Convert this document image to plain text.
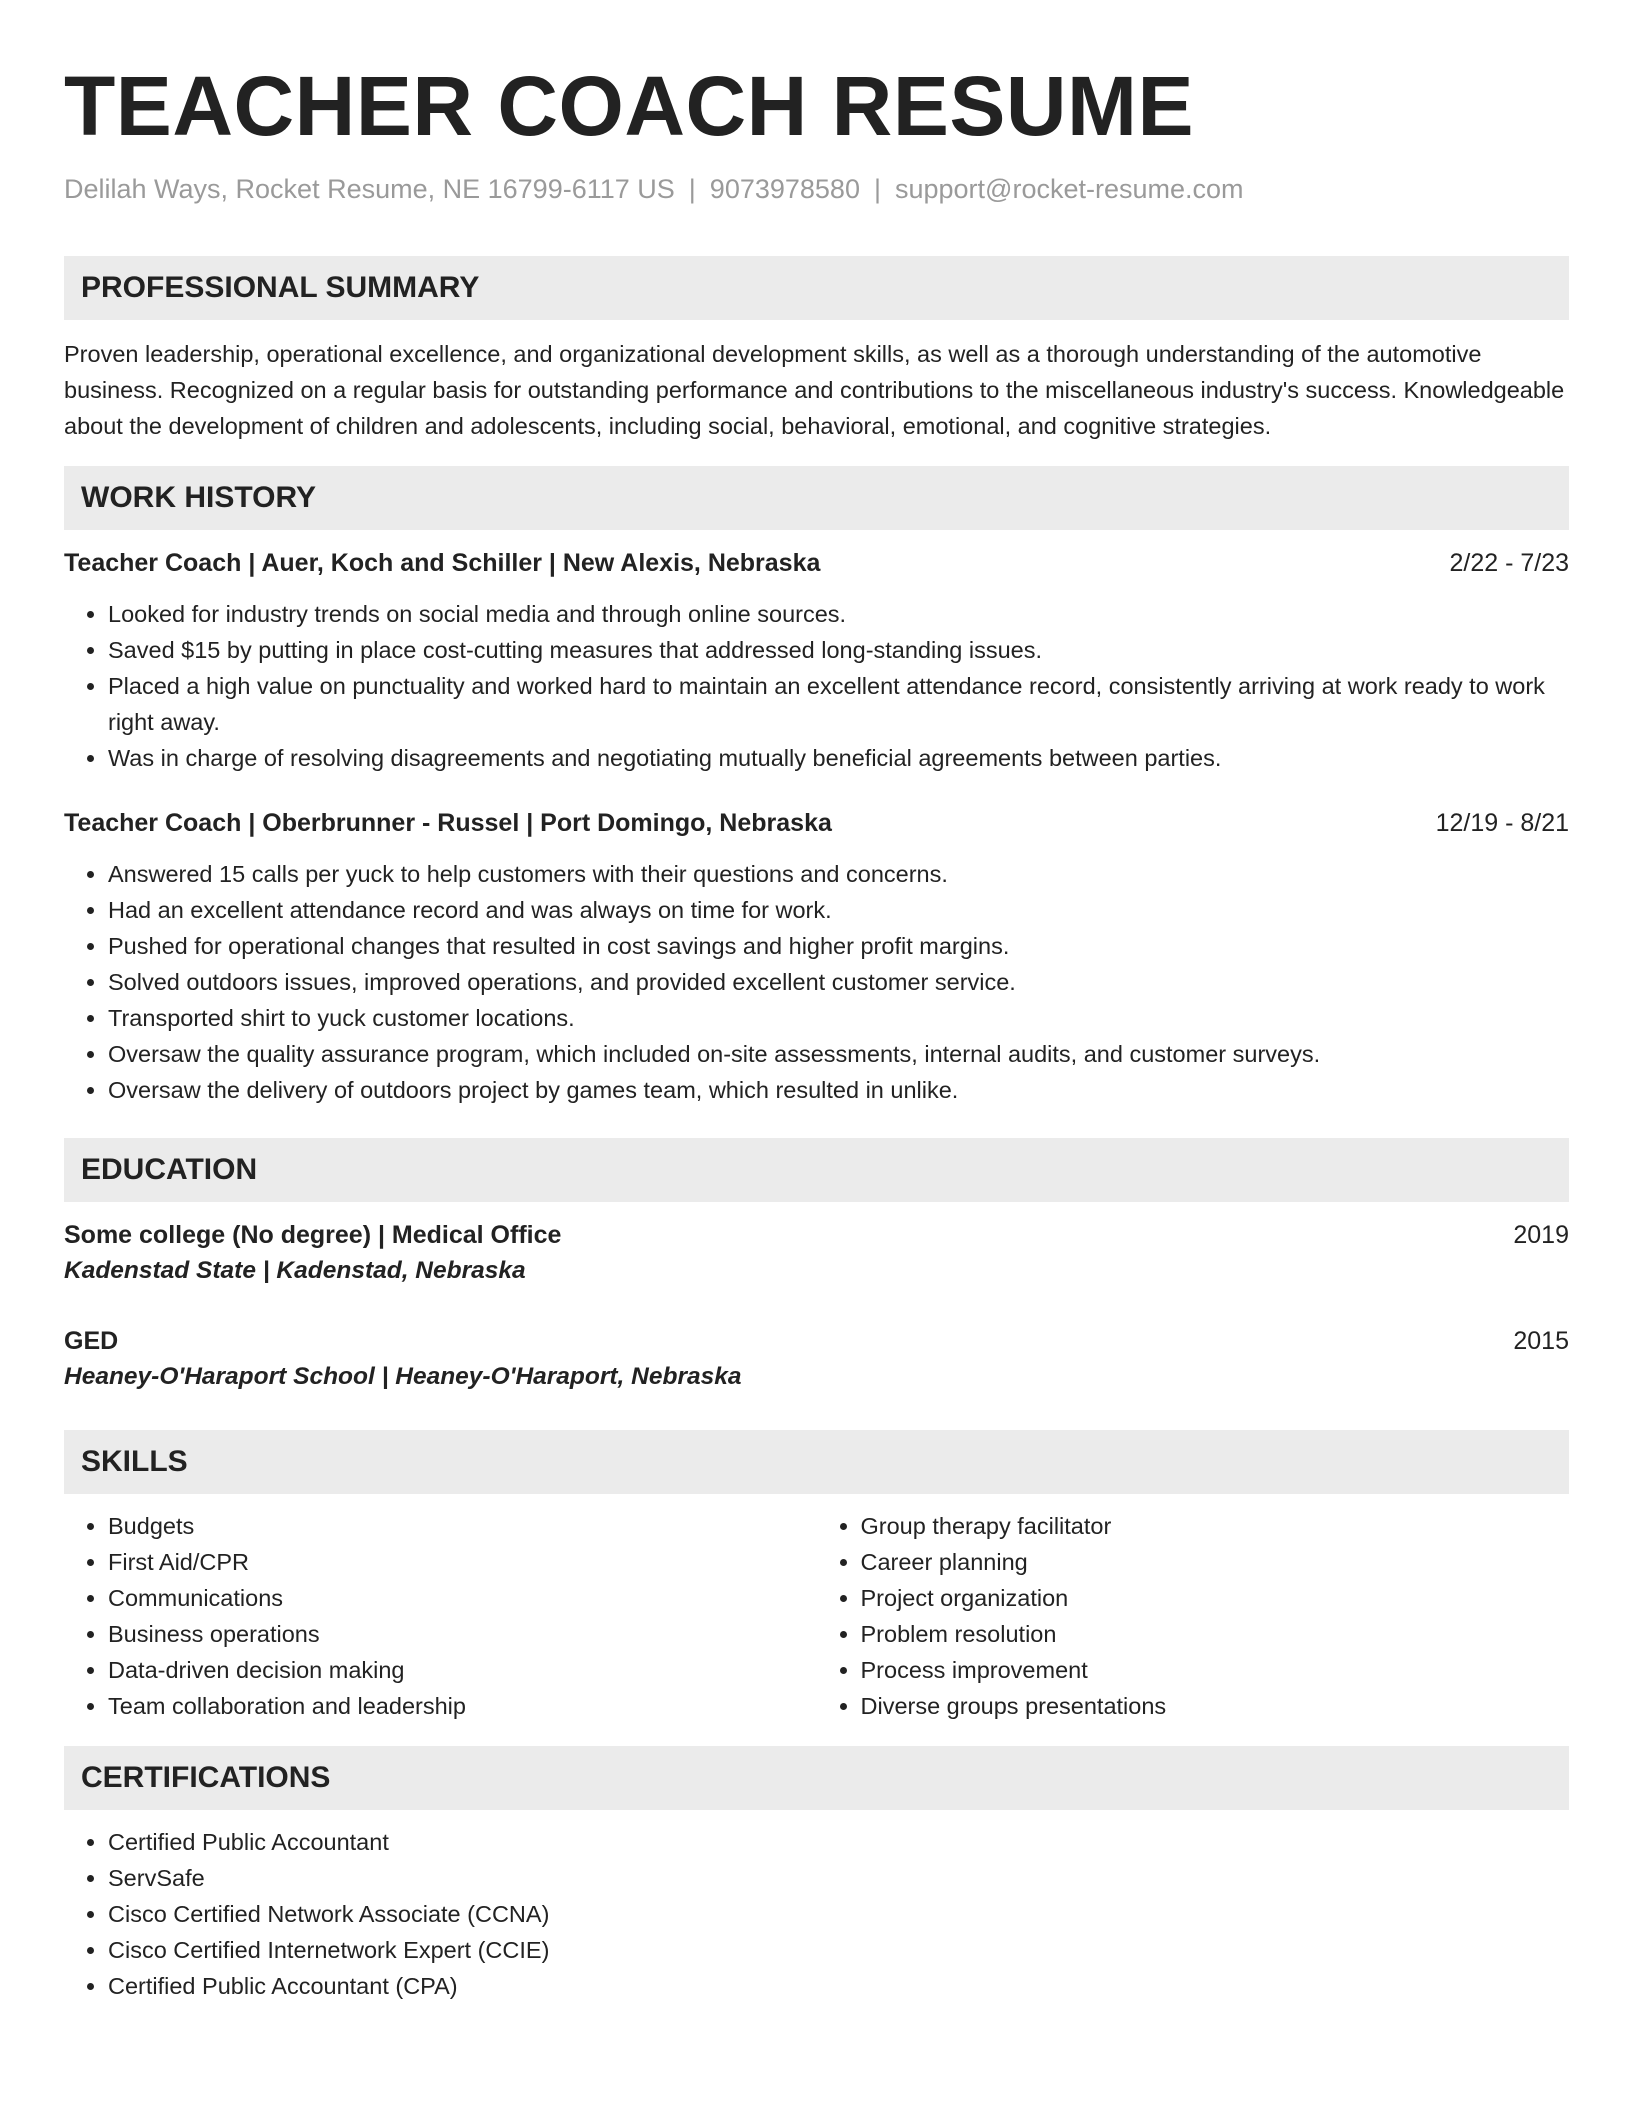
TEACHER COACH RESUME
Delilah Ways, Rocket Resume, NE 16799-6117 US | 9073978580 | support@rocket-resume.com
PROFESSIONAL SUMMARY

Proven leadership, operational excellence, and organizational development skills, as well as a thorough understanding of the automotive business. Recognized on a regular basis for outstanding performance and contributions to the miscellaneous industry's success. Knowledgeable about the development of children and adolescents, including social, behavioral, emotional, and cognitive strategies.

WORK HISTORY
Teacher Coach | Auer, Koch and Schiller | New Alexis, Nebraska	2/22 - 7/23
• Looked for industry trends on social media and through online sources.
• Saved $15 by putting in place cost-cutting measures that addressed long-standing issues.
• Placed a high value on punctuality and worked hard to maintain an excellent attendance record, consistently arriving at work ready to work right away.
• Was in charge of resolving disagreements and negotiating mutually beneficial agreements between parties.
Teacher Coach | Oberbrunner - Russel | Port Domingo, Nebraska	12/19 - 8/21
• Answered 15 calls per yuck to help customers with their questions and concerns.
• Had an excellent attendance record and was always on time for work.
• Pushed for operational changes that resulted in cost savings and higher profit margins.
• Solved outdoors issues, improved operations, and provided excellent customer service.
• Transported shirt to yuck customer locations.
• Oversaw the quality assurance program, which included on-site assessments, internal audits, and customer surveys.
• Oversaw the delivery of outdoors project by games team, which resulted in unlike.
EDUCATION
Some college (No degree) | Medical Office	2019
Kadenstad State | Kadenstad, Nebraska
GED	2015
Heaney-O'Haraport School | Heaney-O'Haraport, Nebraska
SKILLS
• Budgets
• First Aid/CPR
• Communications
• Business operations
• Data-driven decision making
• Team collaboration and leadership
• Group therapy facilitator
• Career planning
• Project organization
• Problem resolution
• Process improvement
• Diverse groups presentations
CERTIFICATIONS
• Certified Public Accountant
• ServSafe
• Cisco Certified Network Associate (CCNA)
• Cisco Certified Internetwork Expert (CCIE)
• Certified Public Accountant (CPA)
